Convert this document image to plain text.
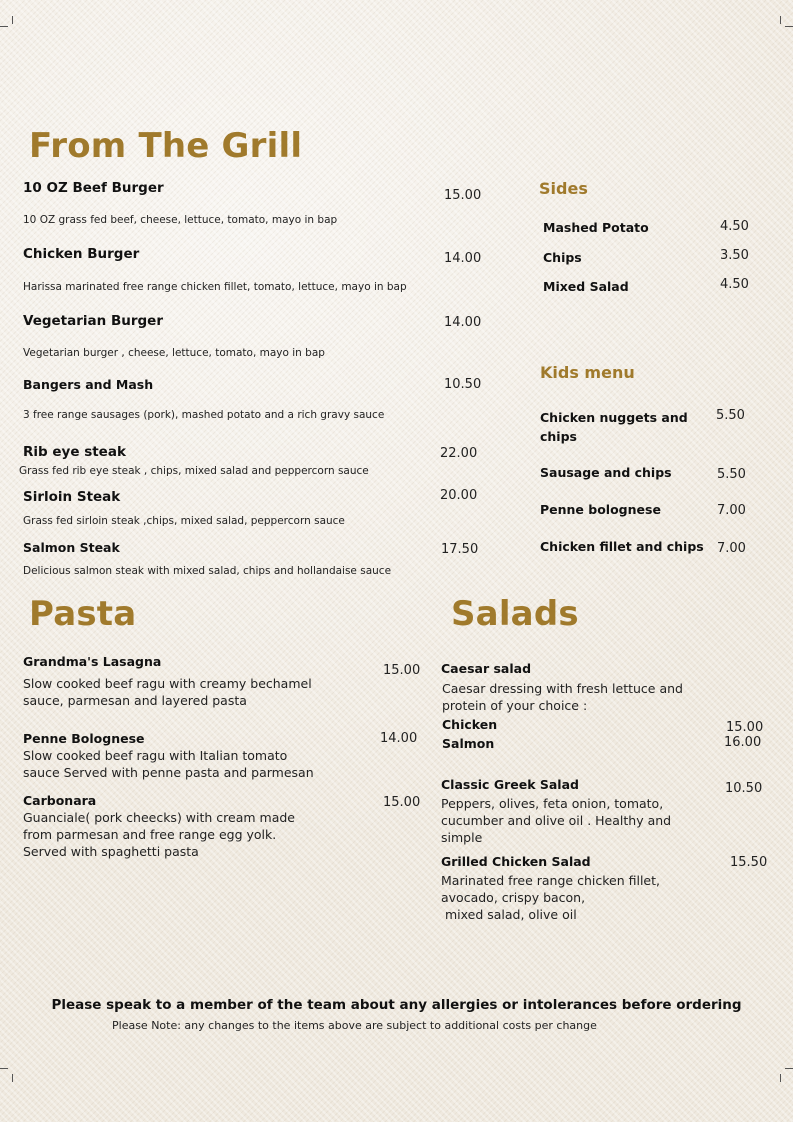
From The Grill
10 OZ Beef Burger	15.00
10 OZ grass fed beef, cheese, lettuce, tomato, mayo in bap
Chicken Burger	14.00
Harissa marinated free range chicken fillet, tomato, lettuce, mayo in bap
Vegetarian Burger	14.00
Vegetarian burger , cheese, lettuce, tomato, mayo in bap
Bangers and Mash	10.50
3 free range sausages (pork), mashed potato and a rich gravy sauce
Rib eye steak	22.00
Grass fed rib eye steak , chips, mixed salad and peppercorn sauce
Sirloin Steak	20.00
Grass fed sirloin steak ,chips, mixed salad, peppercorn sauce
Salmon Steak	17.50
Delicious salmon steak with mixed salad, chips and hollandaise sauce
Sides
Mashed Potato	4.50
Chips	3.50
Mixed Salad	4.50
Kids menu
Chicken nuggets and chips
5.50
Sausage and chips	5.50
Penne bolognese	7.00
Chicken fillet and chips 7.00
Pasta
Grandma's Lasagna
15.00
Slow cooked beef ragu with creamy bechamel sauce, parmesan and layered pasta
Penne Bolognese	14.00
Slow cooked beef ragu with Italian tomato sauce Served with penne pasta and parmesan
Carbonara	15.00
Guanciale( pork cheecks) with cream made from parmesan and free range egg yolk. Served with spaghetti pasta
Salads
Caesar salad
Caesar dressing with fresh lettuce and protein of your choice :
Chicken	15.00
Salmon	16.00
Classic Greek Salad	10.50
Peppers, olives, feta onion, tomato, cucumber and olive oil . Healthy and simple
Grilled Chicken Salad	15.50
Marinated free range chicken fillet,
avocado, crispy bacon,
mixed salad, olive oil
Please speak to a member of the team about any allergies or intolerances before ordering
Please Note: any changes to the items above are subject to additional costs per change
